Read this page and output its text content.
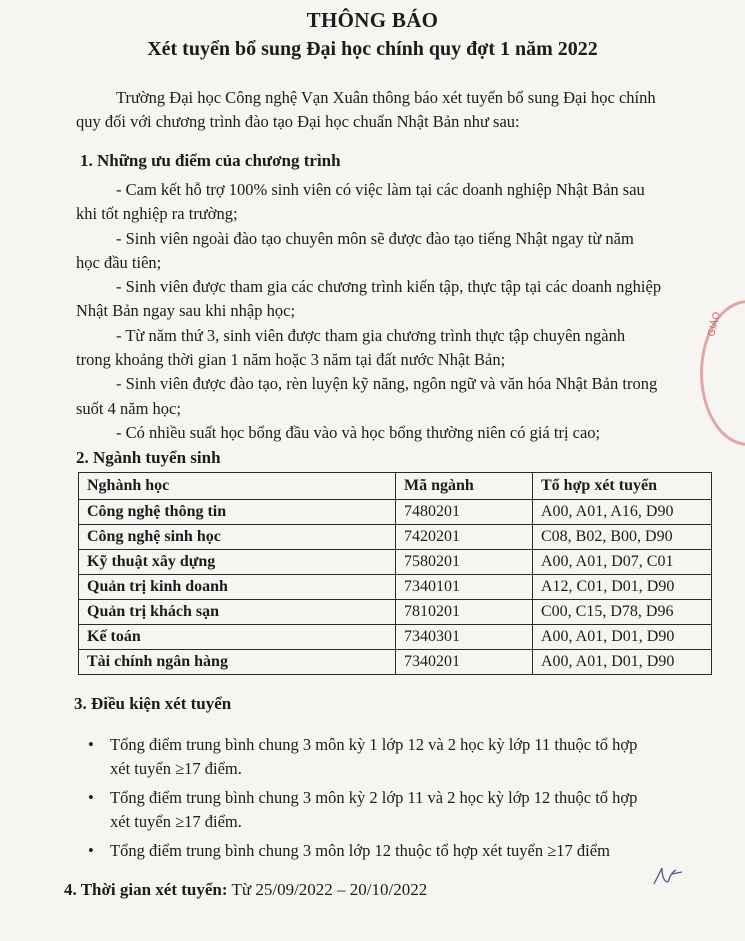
THÔNG BÁO
Xét tuyển bổ sung Đại học chính quy đợt 1 năm 2022
Trường Đại học Công nghệ Vạn Xuân thông báo xét tuyển bổ sung Đại học chính
quy đối với chương trình đào tạo Đại học chuẩn Nhật Bản như sau:
1. Những ưu điểm của chương trình

- Cam kết hỗ trợ 100% sinh viên có việc làm tại các doanh nghiệp Nhật Bản sau
khi tốt nghiệp ra trường;

- Sinh viên ngoài đào tạo chuyên môn sẽ được đào tạo tiếng Nhật ngay từ năm
học đầu tiên;

- Sinh viên được tham gia các chương trình kiến tập, thực tập tại các doanh nghiệp
Nhật Bản ngay sau khi nhập học;

- Từ năm thứ 3, sinh viên được tham gia chương trình thực tập chuyên ngành
trong khoảng thời gian 1 năm hoặc 3 năm tại đất nước Nhật Bản;

- Sinh viên được đào tạo, rèn luyện kỹ năng, ngôn ngữ và văn hóa Nhật Bản trong
suốt 4 năm học;

- Có nhiều suất học bổng đầu vào và học bổng thường niên có giá trị cao;

2. Ngành tuyển sinh
Nghành học	Mã ngành	Tổ hợp xét tuyển
Công nghệ thông tin	7480201	A00, A01, A16, D90
Công nghệ sinh học	7420201	C08, B02, B00, D90
Kỹ thuật xây dựng	7580201	A00, A01, D07, C01
Quản trị kinh doanh	7340101	A12, C01, D01, D90
Quản trị khách sạn	7810201	C00, C15, D78, D96
Kế toán	7340301	A00, A01, D01, D90
Tài chính ngân hàng	7340201	A00, A01, D01, D90
3. Điều kiện xét tuyển
• Tổng điểm trung bình chung 3 môn kỳ 1 lớp 12 và 2 học kỳ lớp 11 thuộc tổ hợp
xét tuyển ≥17 điểm.
• Tổng điểm trung bình chung 3 môn kỳ 2 lớp 11 và 2 học kỳ lớp 12 thuộc tổ hợp
xét tuyển ≥17 điểm.
• Tổng điểm trung bình chung 3 môn lớp 12 thuộc tổ hợp xét tuyển ≥17 điểm
4. Thời gian xét tuyển: Từ 25/09/2022 – 20/10/2022
GIÁO
